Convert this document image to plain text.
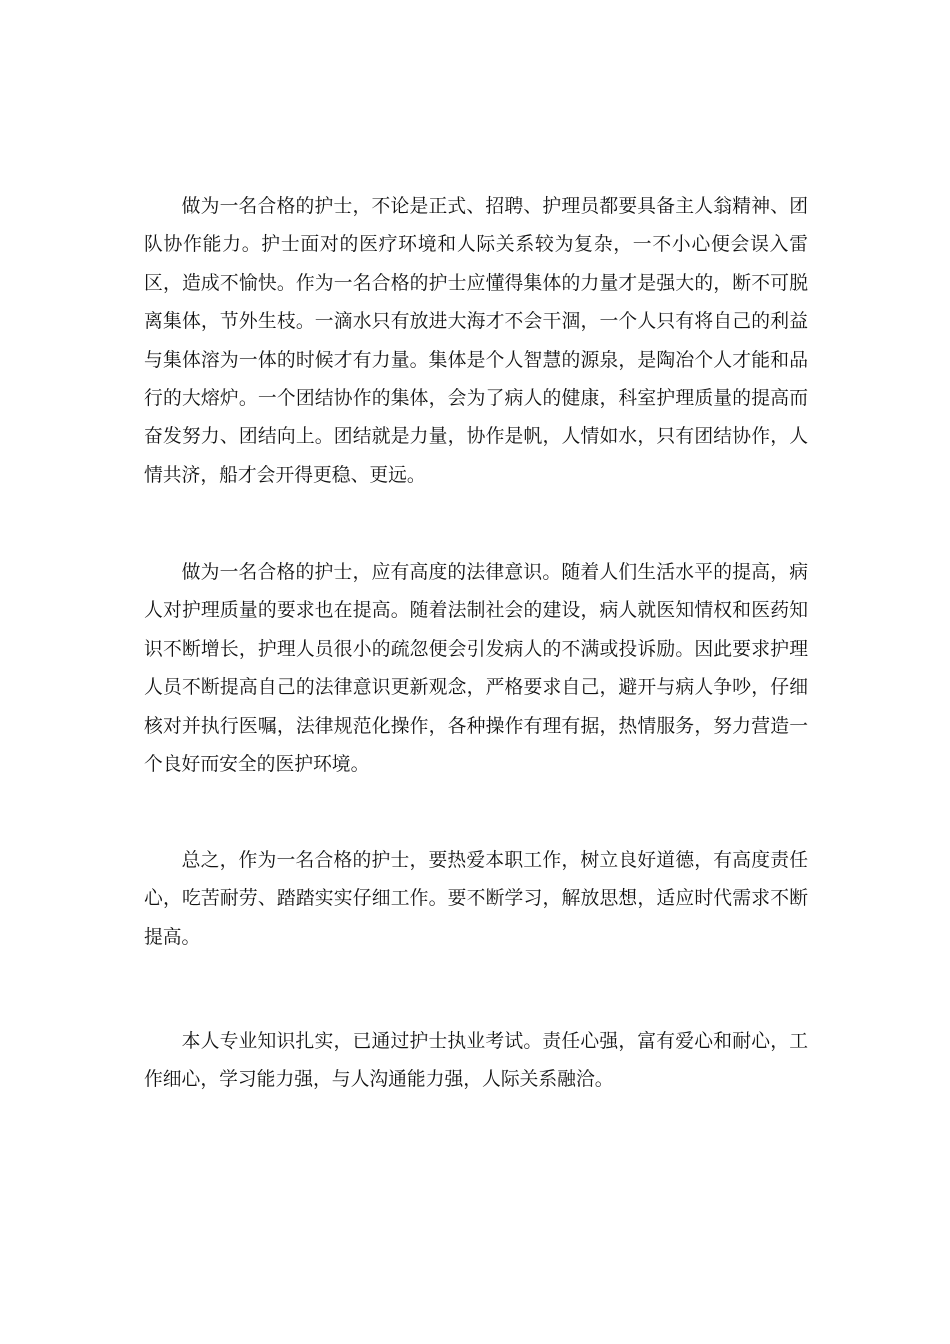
做为一名合格的护士，不论是正式、招聘、护理员都要具备主人翁精神、团队协作能力。护士面对的医疗环境和人际关系较为复杂，一不小心便会误入雷区，造成不愉快。作为一名合格的护士应懂得集体的力量才是强大的，断不可脱离集体，节外生枝。一滴水只有放进大海才不会干涸，一个人只有将自己的利益与集体溶为一体的时候才有力量。集体是个人智慧的源泉，是陶冶个人才能和品行的大熔炉。一个团结协作的集体，会为了病人的健康，科室护理质量的提高而奋发努力、团结向上。团结就是力量，协作是帆，人情如水，只有团结协作，人情共济，船才会开得更稳、更远。

做为一名合格的护士，应有高度的法律意识。随着人们生活水平的提高，病人对护理质量的要求也在提高。随着法制社会的建设，病人就医知情权和医药知识不断增长，护理人员很小的疏忽便会引发病人的不满或投诉励。因此要求护理人员不断提高自己的法律意识更新观念，严格要求自己，避开与病人争吵，仔细核对并执行医嘱，法律规范化操作，各种操作有理有据，热情服务，努力营造一个良好而安全的医护环境。

总之，作为一名合格的护士，要热爱本职工作，树立良好道德，有高度责任心，吃苦耐劳、踏踏实实仔细工作。要不断学习，解放思想，适应时代需求不断提高。

本人专业知识扎实，已通过护士执业考试。责任心强，富有爱心和耐心，工作细心，学习能力强，与人沟通能力强，人际关系融洽。
